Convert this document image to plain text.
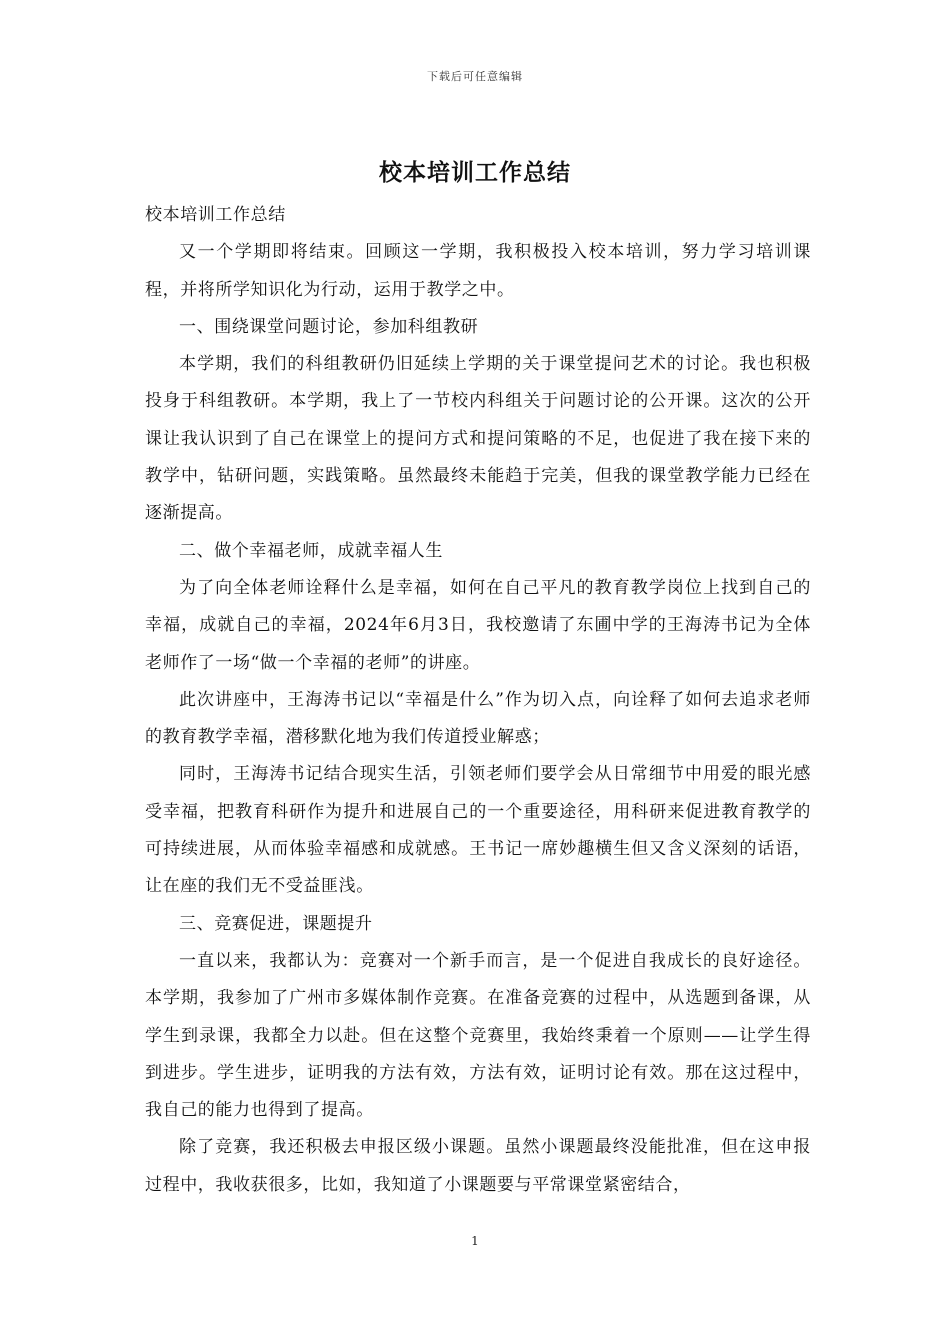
下载后可任意编辑
校本培训工作总结

校本培训工作总结

又一个学期即将结束。回顾这一学期，我积极投入校本培训，努力学习培训课程，并将所学知识化为行动，运用于教学之中。

一、围绕课堂问题讨论，参加科组教研

本学期，我们的科组教研仍旧延续上学期的关于课堂提问艺术的讨论。我也积极投身于科组教研。本学期，我上了一节校内科组关于问题讨论的公开课。这次的公开课让我认识到了自己在课堂上的提问方式和提问策略的不足，也促进了我在接下来的教学中，钻研问题，实践策略。虽然最终未能趋于完美，但我的课堂教学能力已经在逐渐提高。

二、做个幸福老师，成就幸福人生

为了向全体老师诠释什么是幸福，如何在自己平凡的教育教学岗位上找到自己的幸福，成就自己的幸福，2024年6月3日，我校邀请了东圃中学的王海涛书记为全体老师作了一场“做一个幸福的老师”的讲座。

此次讲座中，王海涛书记以“幸福是什么”作为切入点，向诠释了如何去追求老师的教育教学幸福，潜移默化地为我们传道授业解惑；

同时，王海涛书记结合现实生活，引领老师们要学会从日常细节中用爱的眼光感受幸福，把教育科研作为提升和进展自己的一个重要途径，用科研来促进教育教学的可持续进展，从而体验幸福感和成就感。王书记一席妙趣横生但又含义深刻的话语，让在座的我们无不受益匪浅。

三、竞赛促进，课题提升

一直以来，我都认为：竞赛对一个新手而言，是一个促进自我成长的良好途径。本学期，我参加了广州市多媒体制作竞赛。在准备竞赛的过程中，从选题到备课，从学生到录课，我都全力以赴。但在这整个竞赛里，我始终秉着一个原则——让学生得到进步。学生进步，证明我的方法有效，方法有效，证明讨论有效。那在这过程中，我自己的能力也得到了提高。

除了竞赛，我还积极去申报区级小课题。虽然小课题最终没能批准，但在这申报过程中，我收获很多，比如，我知道了小课题要与平常课堂紧密结合，

1
